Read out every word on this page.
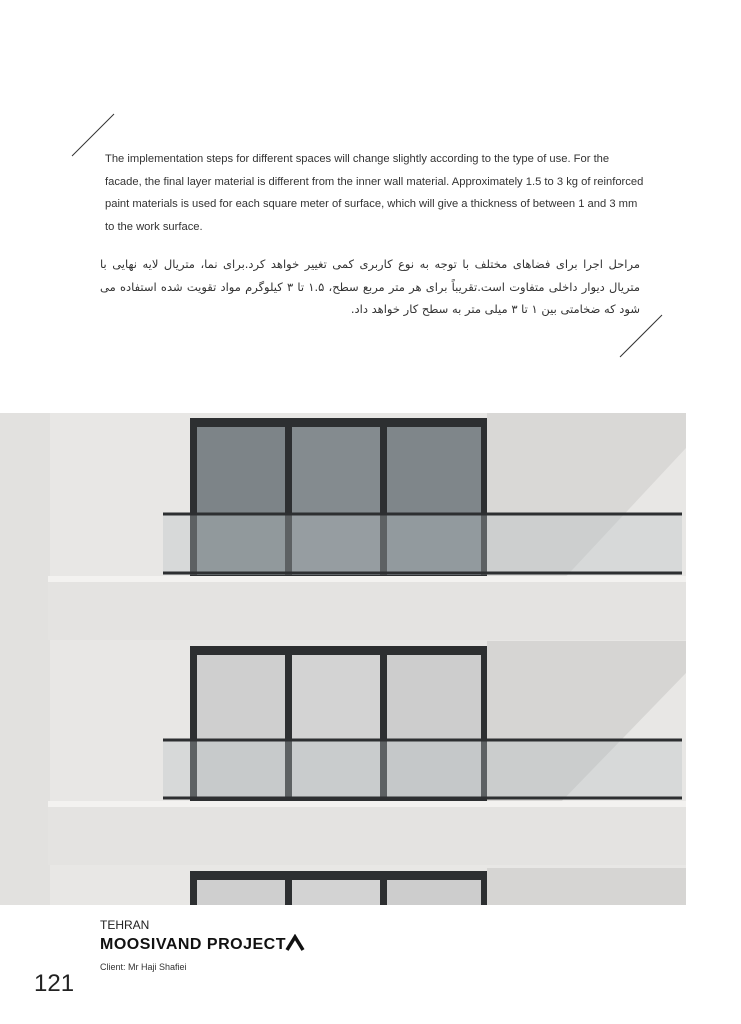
The implementation steps for different spaces will change slightly according to the type of use. For the facade, the final layer material is different from the inner wall material. Approximately 1.5 to 3 kg of reinforced paint materials is used for each square meter of surface, which will give a thickness of between 1 and 3 mm to the work surface.
مراحل اجرا برای فضاهای مختلف با توجه به نوع کاربری کمی تغییر خواهد کرد.برای نما، متریال لایه نهایی با متریال دیوار داخلی متفاوت است.تقریباً برای هر متر مربع سطح، ۱.۵ تا ۳ کیلوگرم مواد تقویت شده استفاده می شود که ضخامتی بین ۱ تا ۳ میلی متر به سطح کار خواهد داد.
TEHRAN
MOOSIVAND PROJECT
Client: Mr Haji Shafiei
121
